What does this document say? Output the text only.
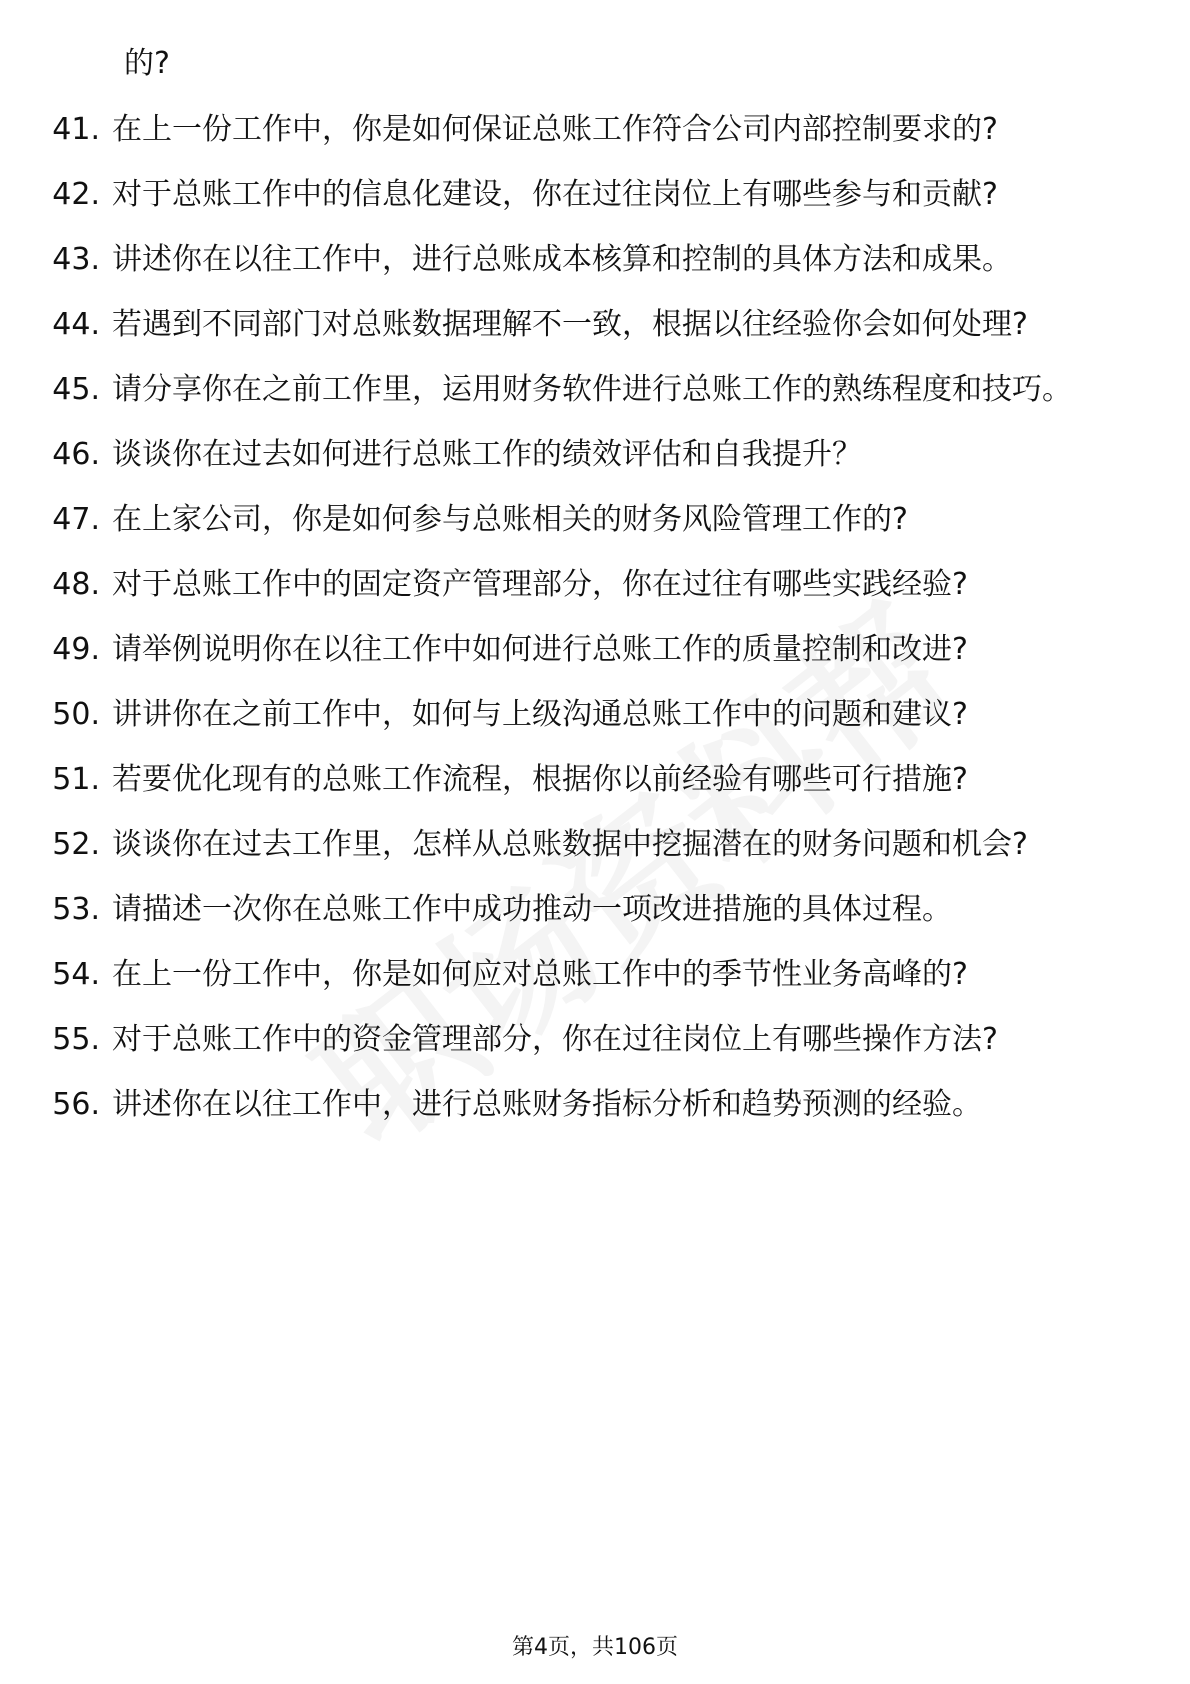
的?
41. 在上一份工作中，你是如何保证总账工作符合公司内部控制要求的?
42. 对于总账工作中的信息化建设，你在过往岗位上有哪些参与和贡献?
43. 讲述你在以往工作中，进行总账成本核算和控制的具体方法和成果。
44. 若遇到不同部门对总账数据理解不一致，根据以往经验你会如何处理?
45. 请分享你在之前工作里，运用财务软件进行总账工作的熟练程度和技巧。
46. 谈谈你在过去如何进行总账工作的绩效评估和自我提升？
47. 在上家公司，你是如何参与总账相关的财务风险管理工作的?
48. 对于总账工作中的固定资产管理部分，你在过往有哪些实践经验?
49. 请举例说明你在以往工作中如何进行总账工作的质量控制和改进?
50. 讲讲你在之前工作中，如何与上级沟通总账工作中的问题和建议?
51. 若要优化现有的总账工作流程，根据你以前经验有哪些可行措施?
52. 谈谈你在过去工作里，怎样从总账数据中挖掘潜在的财务问题和机会?
53. 请描述一次你在总账工作中成功推动一项改进措施的具体过程。
54. 在上一份工作中，你是如何应对总账工作中的季节性业务高峰的?
55. 对于总账工作中的资金管理部分，你在过往岗位上有哪些操作方法?
56. 讲述你在以往工作中，进行总账财务指标分析和趋势预测的经验。
第4页，共106页
